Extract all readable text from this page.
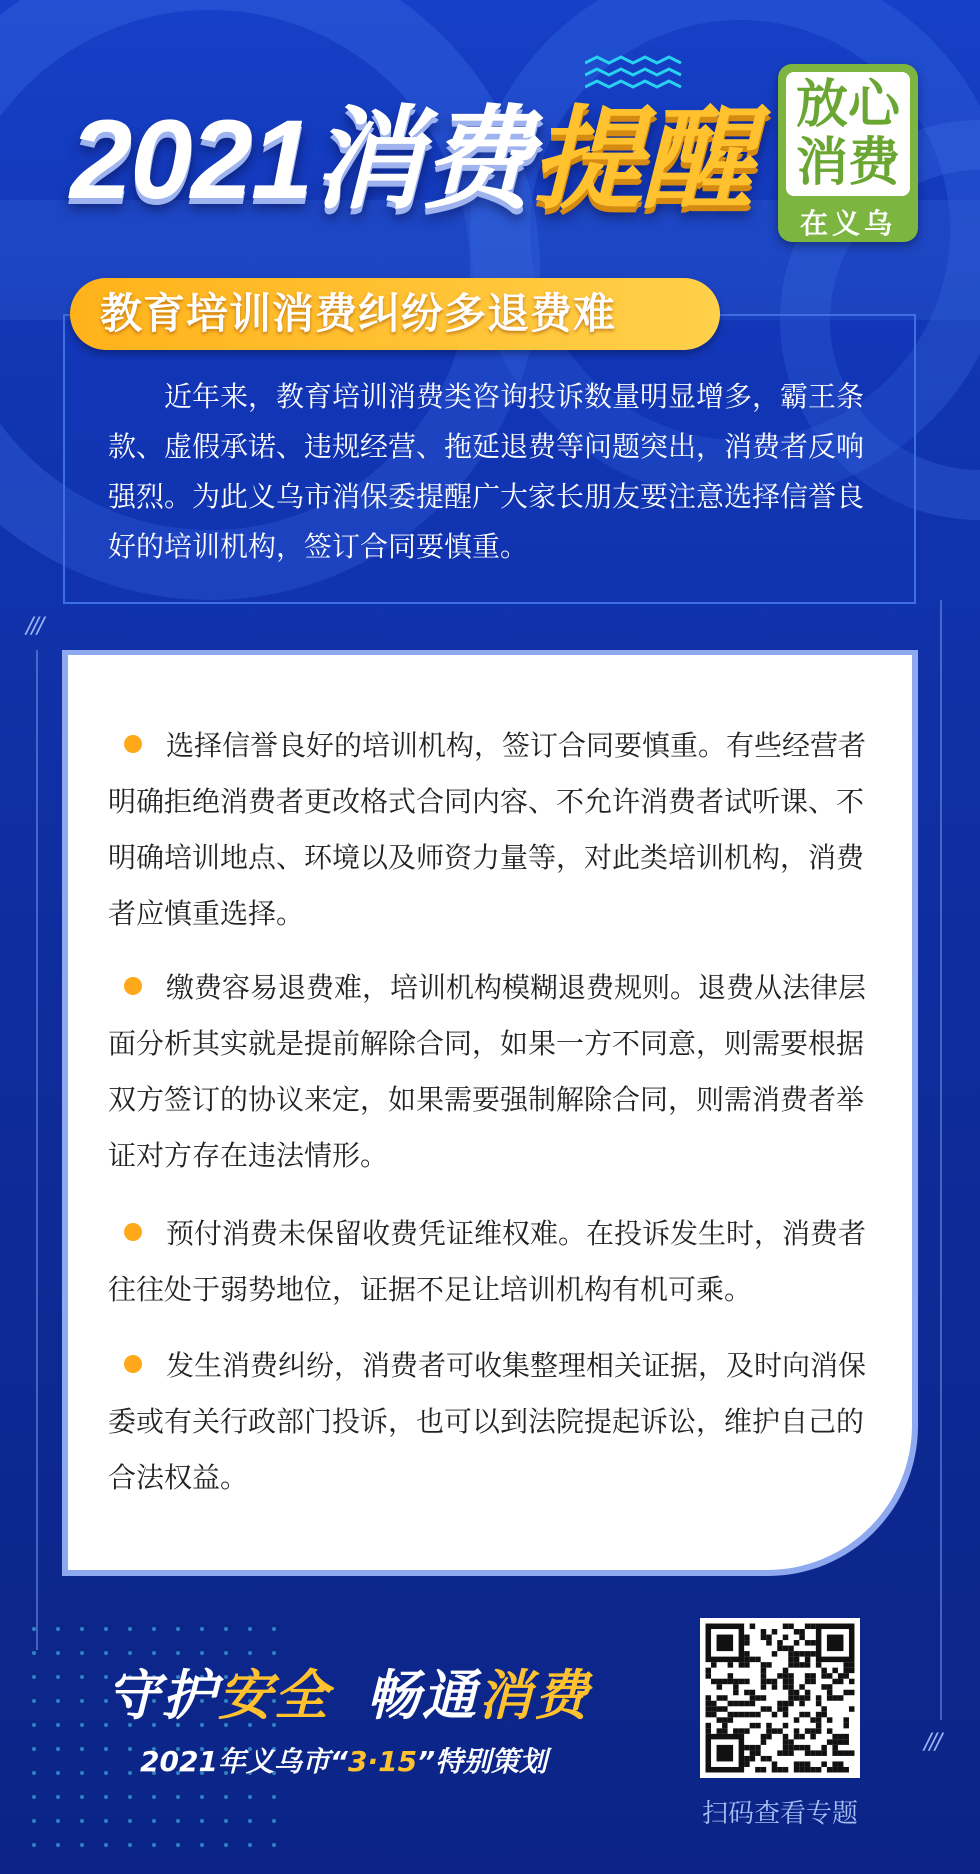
2021消费提醒 放心
消费
在义乌
教育培训消费纠纷多退费难
近年来，教育培训消费类咨询投诉数量明显增多，霸王条款、虚假承诺、违规经营、拖延退费等问题突出，消费者反响强烈。为此义乌市消保委提醒广大家长朋友要注意选择信誉良好的培训机构，签订合同要慎重。
///
///
选择信誉良好的培训机构，签订合同要慎重。有些经营者明确拒绝消费者更改格式合同内容、不允许消费者试听课、不明确培训地点、环境以及师资力量等，对此类培训机构，消费者应慎重选择。
缴费容易退费难，培训机构模糊退费规则。退费从法律层面分析其实就是提前解除合同，如果一方不同意，则需要根据双方签订的协议来定，如果需要强制解除合同，则需消费者举证对方存在违法情形。
预付消费未保留收费凭证维权难。在投诉发生时，消费者往往处于弱势地位，证据不足让培训机构有机可乘。
发生消费纠纷，消费者可收集整理相关证据，及时向消保委或有关行政部门投诉，也可以到法院提起诉讼，维护自己的合法权益。
守护安全 畅通消费
2021年义乌市“3·15”特别策划
扫码查看专题
